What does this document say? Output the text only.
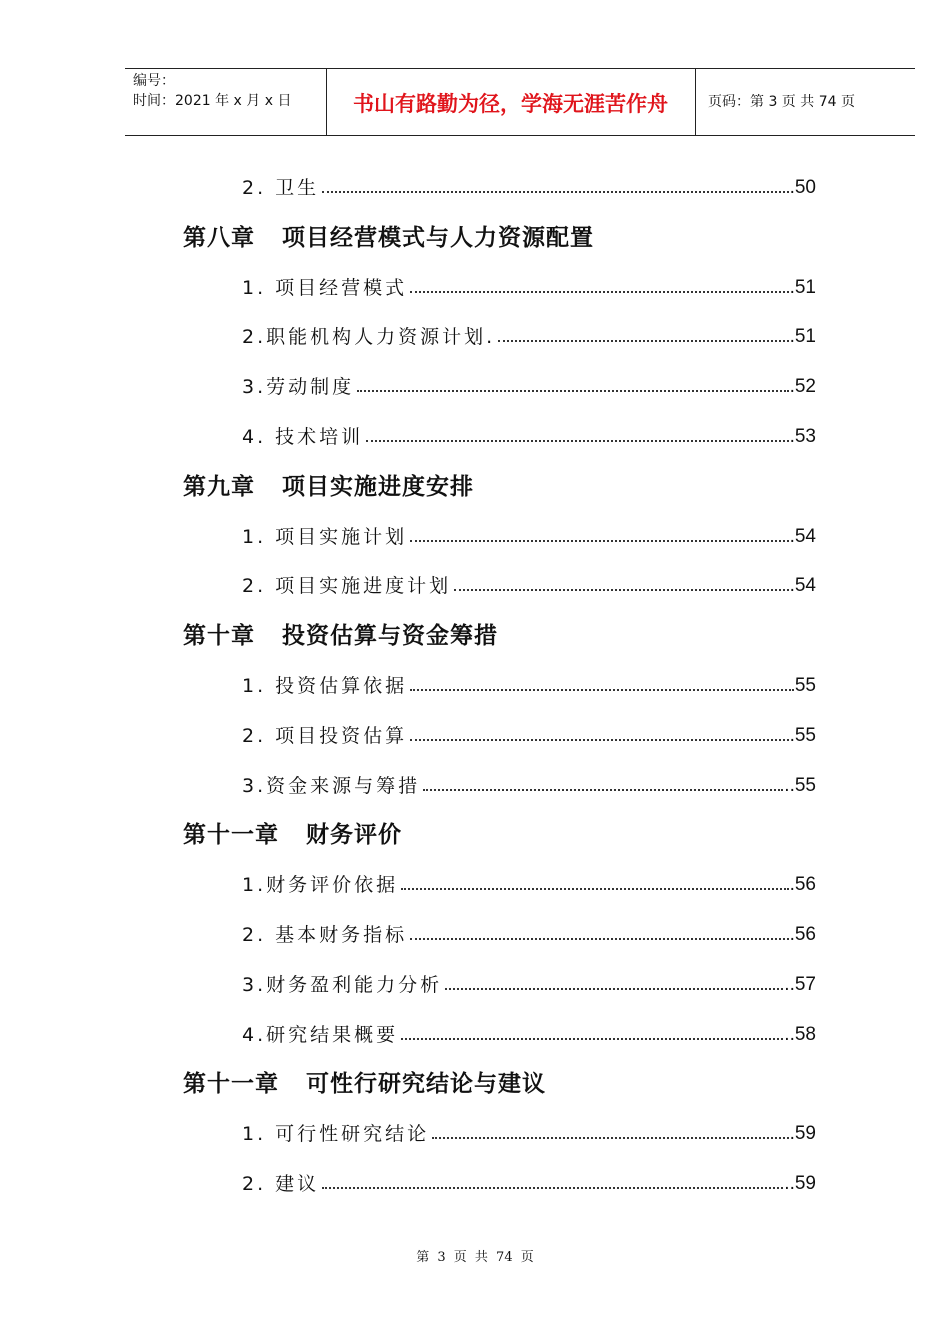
编号：
时间：2021 年 x 月 x 日	书山有路勤为径，学海无涯苦作舟	页码：第 3 页 共 74 页
2. 卫生	.50
第八章   项目经营模式与人力资源配置
1. 项目经营模式	.51
2.职能机构人力资源计划.	.51
3.劳动制度	.52
4. 技术培训	.53
第九章   项目实施进度安排
1. 项目实施计划	.54
2. 项目实施进度计划	.54
第十章   投资估算与资金筹措
1. 投资估算依据	55
2. 项目投资估算	.55
3.资金来源与筹措	..55
第十一章   财务评价
1.财务评价依据	.56
2. 基本财务指标	.56
3.财务盈利能力分析	..57
4.研究结果概要	..58
第十一章   可性行研究结论与建议
1. 可行性研究结论	.59
2. 建议	..59
第 3 页 共 74 页
